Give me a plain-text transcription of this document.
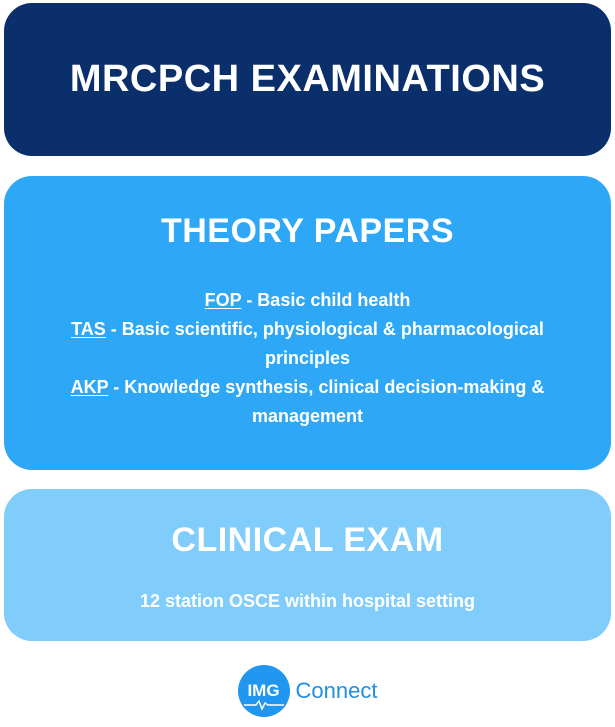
MRCPCH EXAMINATIONS
THEORY PAPERS
FOP - Basic child health
TAS - Basic scientific, physiological & pharmacological principles
AKP - Knowledge synthesis, clinical decision-making & management
CLINICAL EXAM
12 station OSCE within hospital setting
IMG Connect
